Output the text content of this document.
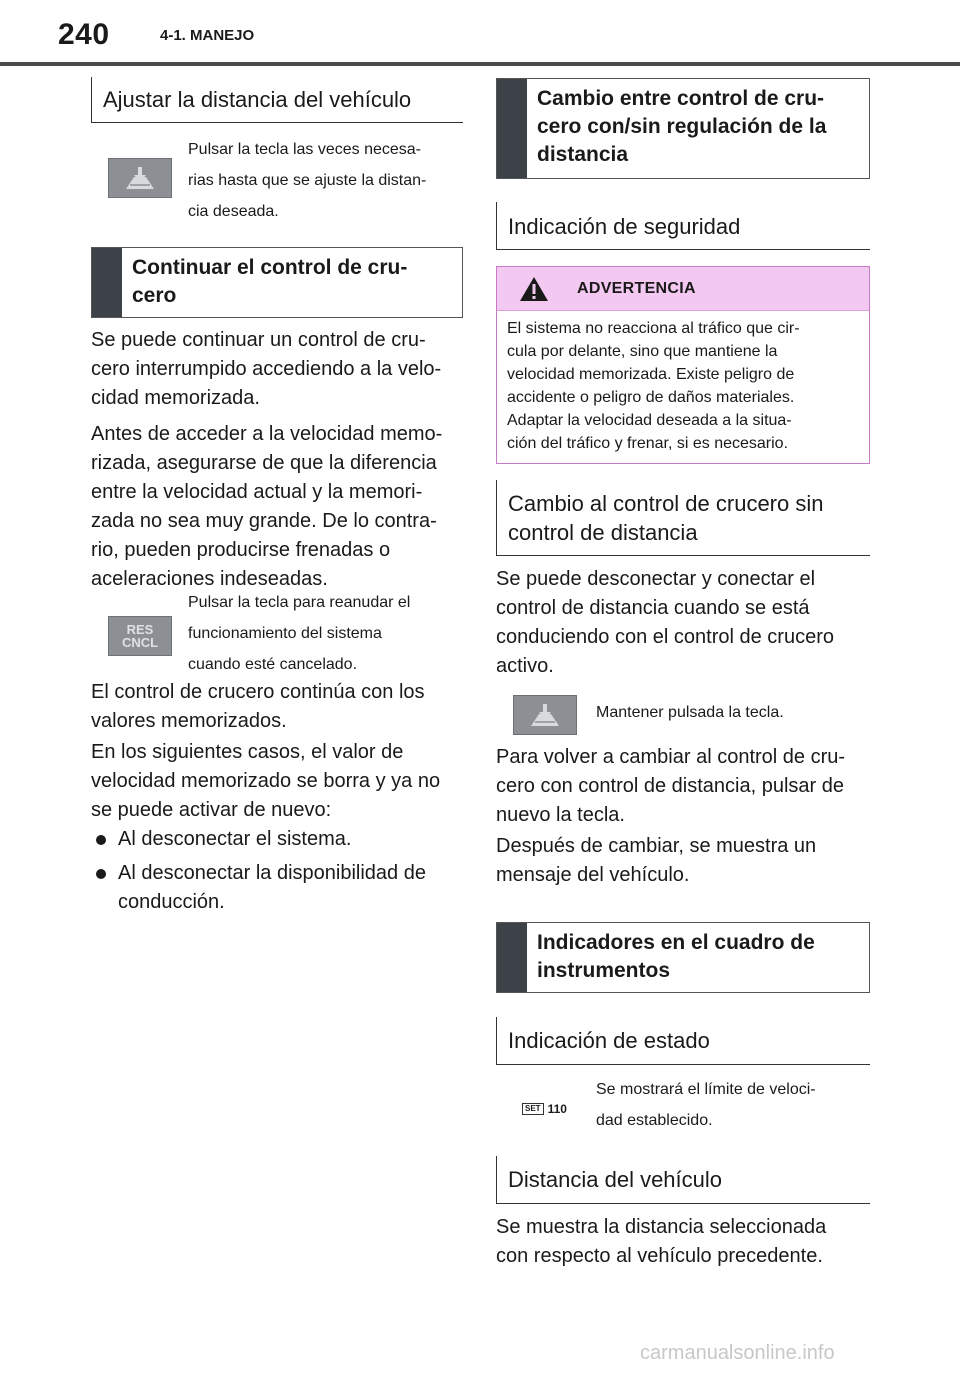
240	4-1. MANEJO
Ajustar la distancia del vehículo
Pulsar la tecla las veces necesa-
rias hasta que se ajuste la distan-
cia deseada.
Continuar el control de cru-
cero
Se puede continuar un control de cru-
cero interrumpido accediendo a la velo-
cidad memorizada.
Antes de acceder a la velocidad memo-
rizada, asegurarse de que la diferencia
entre la velocidad actual y la memori-
zada no sea muy grande. De lo contra-
rio, pueden producirse frenadas o
aceleraciones indeseadas.
RES
CNCL
Pulsar la tecla para reanudar el
funcionamiento del sistema
cuando esté cancelado.
El control de crucero continúa con los
valores memorizados.
En los siguientes casos, el valor de
velocidad memorizado se borra y ya no
se puede activar de nuevo:
Al desconectar el sistema.
Al desconectar la disponibilidad de
conducción.
Cambio entre control de cru-
cero con/sin regulación de la
distancia
Indicación de seguridad
ADVERTENCIA
El sistema no reacciona al tráfico que cir-
cula por delante, sino que mantiene la
velocidad memorizada. Existe peligro de
accidente o peligro de daños materiales.
Adaptar la velocidad deseada a la situa-
ción del tráfico y frenar, si es necesario.
Cambio al control de crucero sin
control de distancia
Se puede desconectar y conectar el
control de distancia cuando se está
conduciendo con el control de crucero
activo.
Mantener pulsada la tecla.
Para volver a cambiar al control de cru-
cero con control de distancia, pulsar de
nuevo la tecla.
Después de cambiar, se muestra un
mensaje del vehículo.
Indicadores en el cuadro de
instrumentos
Indicación de estado
SET 110
Se mostrará el límite de veloci-
dad establecido.
Distancia del vehículo
Se muestra la distancia seleccionada
con respecto al vehículo precedente.
carmanualsonline.info
